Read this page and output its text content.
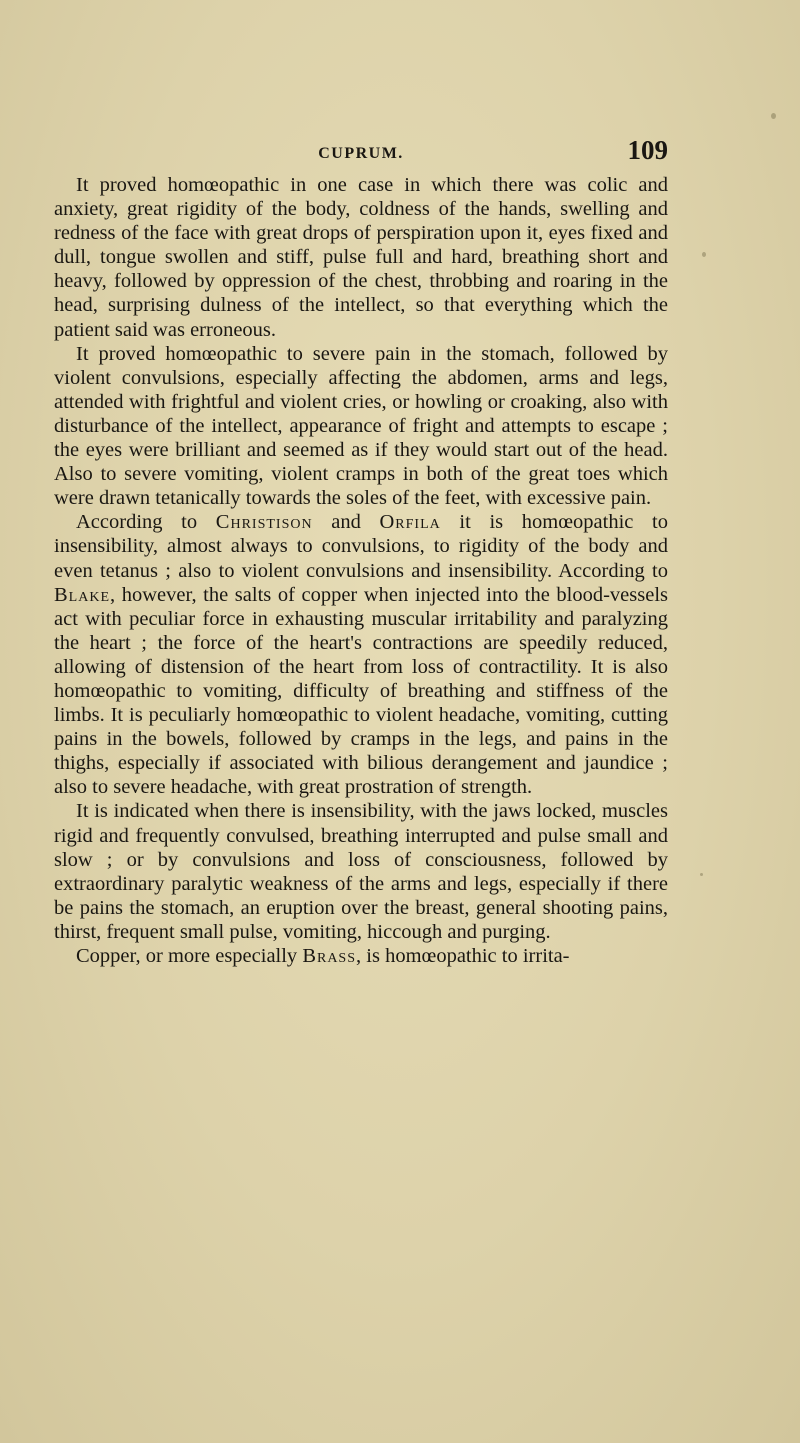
CUPRUM.	109

It proved homœopathic in one case in which there was colic and anxiety, great rigidity of the body, coldness of the hands, swelling and redness of the face with great drops of perspiration upon it, eyes fixed and dull, tongue swollen and stiff, pulse full and hard, breathing short and heavy, followed by oppression of the chest, throbbing and roaring in the head, surprising dulness of the intellect, so that everything which the patient said was erroneous.

It proved homœopathic to severe pain in the stomach, followed by violent convulsions, especially affecting the abdomen, arms and legs, attended with frightful and violent cries, or howling or croaking, also with disturbance of the intellect, appearance of fright and attempts to escape ; the eyes were brilliant and seemed as if they would start out of the head. Also to severe vomiting, violent cramps in both of the great toes which were drawn tetanically towards the soles of the feet, with excessive pain.

According to Christison and Orfila it is homœopathic to insensibility, almost always to convulsions, to rigidity of the body and even tetanus ; also to violent convulsions and insensibility. According to Blake, however, the salts of copper when injected into the blood-vessels act with peculiar force in exhausting muscular irritability and paralyzing the heart ; the force of the heart's contractions are speedily reduced, allowing of distension of the heart from loss of contractility. It is also homœopathic to vomiting, difficulty of breathing and stiffness of the limbs. It is peculiarly homœopathic to violent headache, vomiting, cutting pains in the bowels, followed by cramps in the legs, and pains in the thighs, especially if associated with bilious derangement and jaundice ; also to severe headache, with great prostration of strength.

It is indicated when there is insensibility, with the jaws locked, muscles rigid and frequently convulsed, breathing interrupted and pulse small and slow ; or by convulsions and loss of consciousness, followed by extraordinary paralytic weakness of the arms and legs, especially if there be pains the stomach, an eruption over the breast, general shooting pains, thirst, frequent small pulse, vomiting, hiccough and purging.

Copper, or more especially Brass, is homœopathic to irrita-
